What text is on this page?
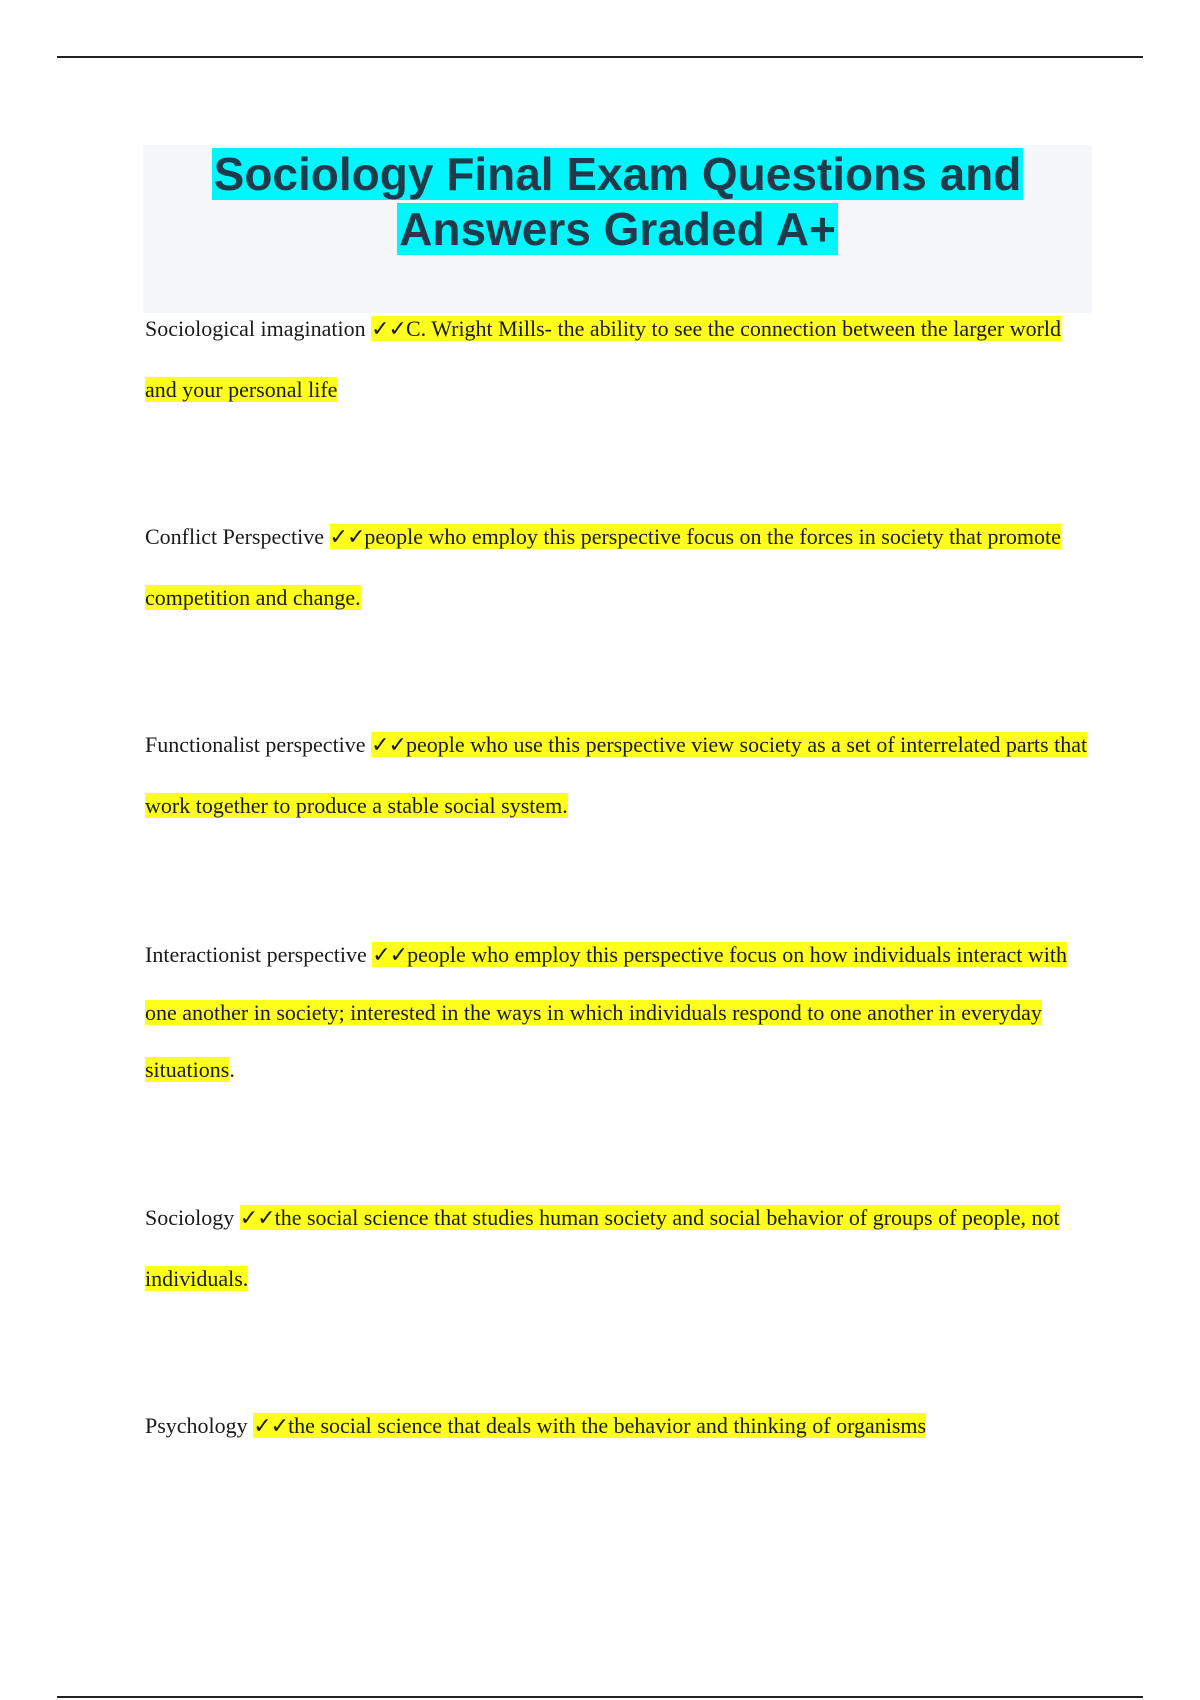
Sociology Final Exam Questions and
Answers Graded A+

Sociological imagination ✓✓C. Wright Mills- the ability to see the connection between the larger world and your personal life

Conflict Perspective ✓✓people who employ this perspective focus on the forces in society that promote competition and change.

Functionalist perspective ✓✓people who use this perspective view society as a set of interrelated parts that work together to produce a stable social system.

Interactionist perspective ✓✓people who employ this perspective focus on how individuals interact with one another in society; interested in the ways in which individuals respond to one another in everyday situations.

Sociology ✓✓the social science that studies human society and social behavior of groups of people, not individuals.

Psychology ✓✓the social science that deals with the behavior and thinking of organisms
